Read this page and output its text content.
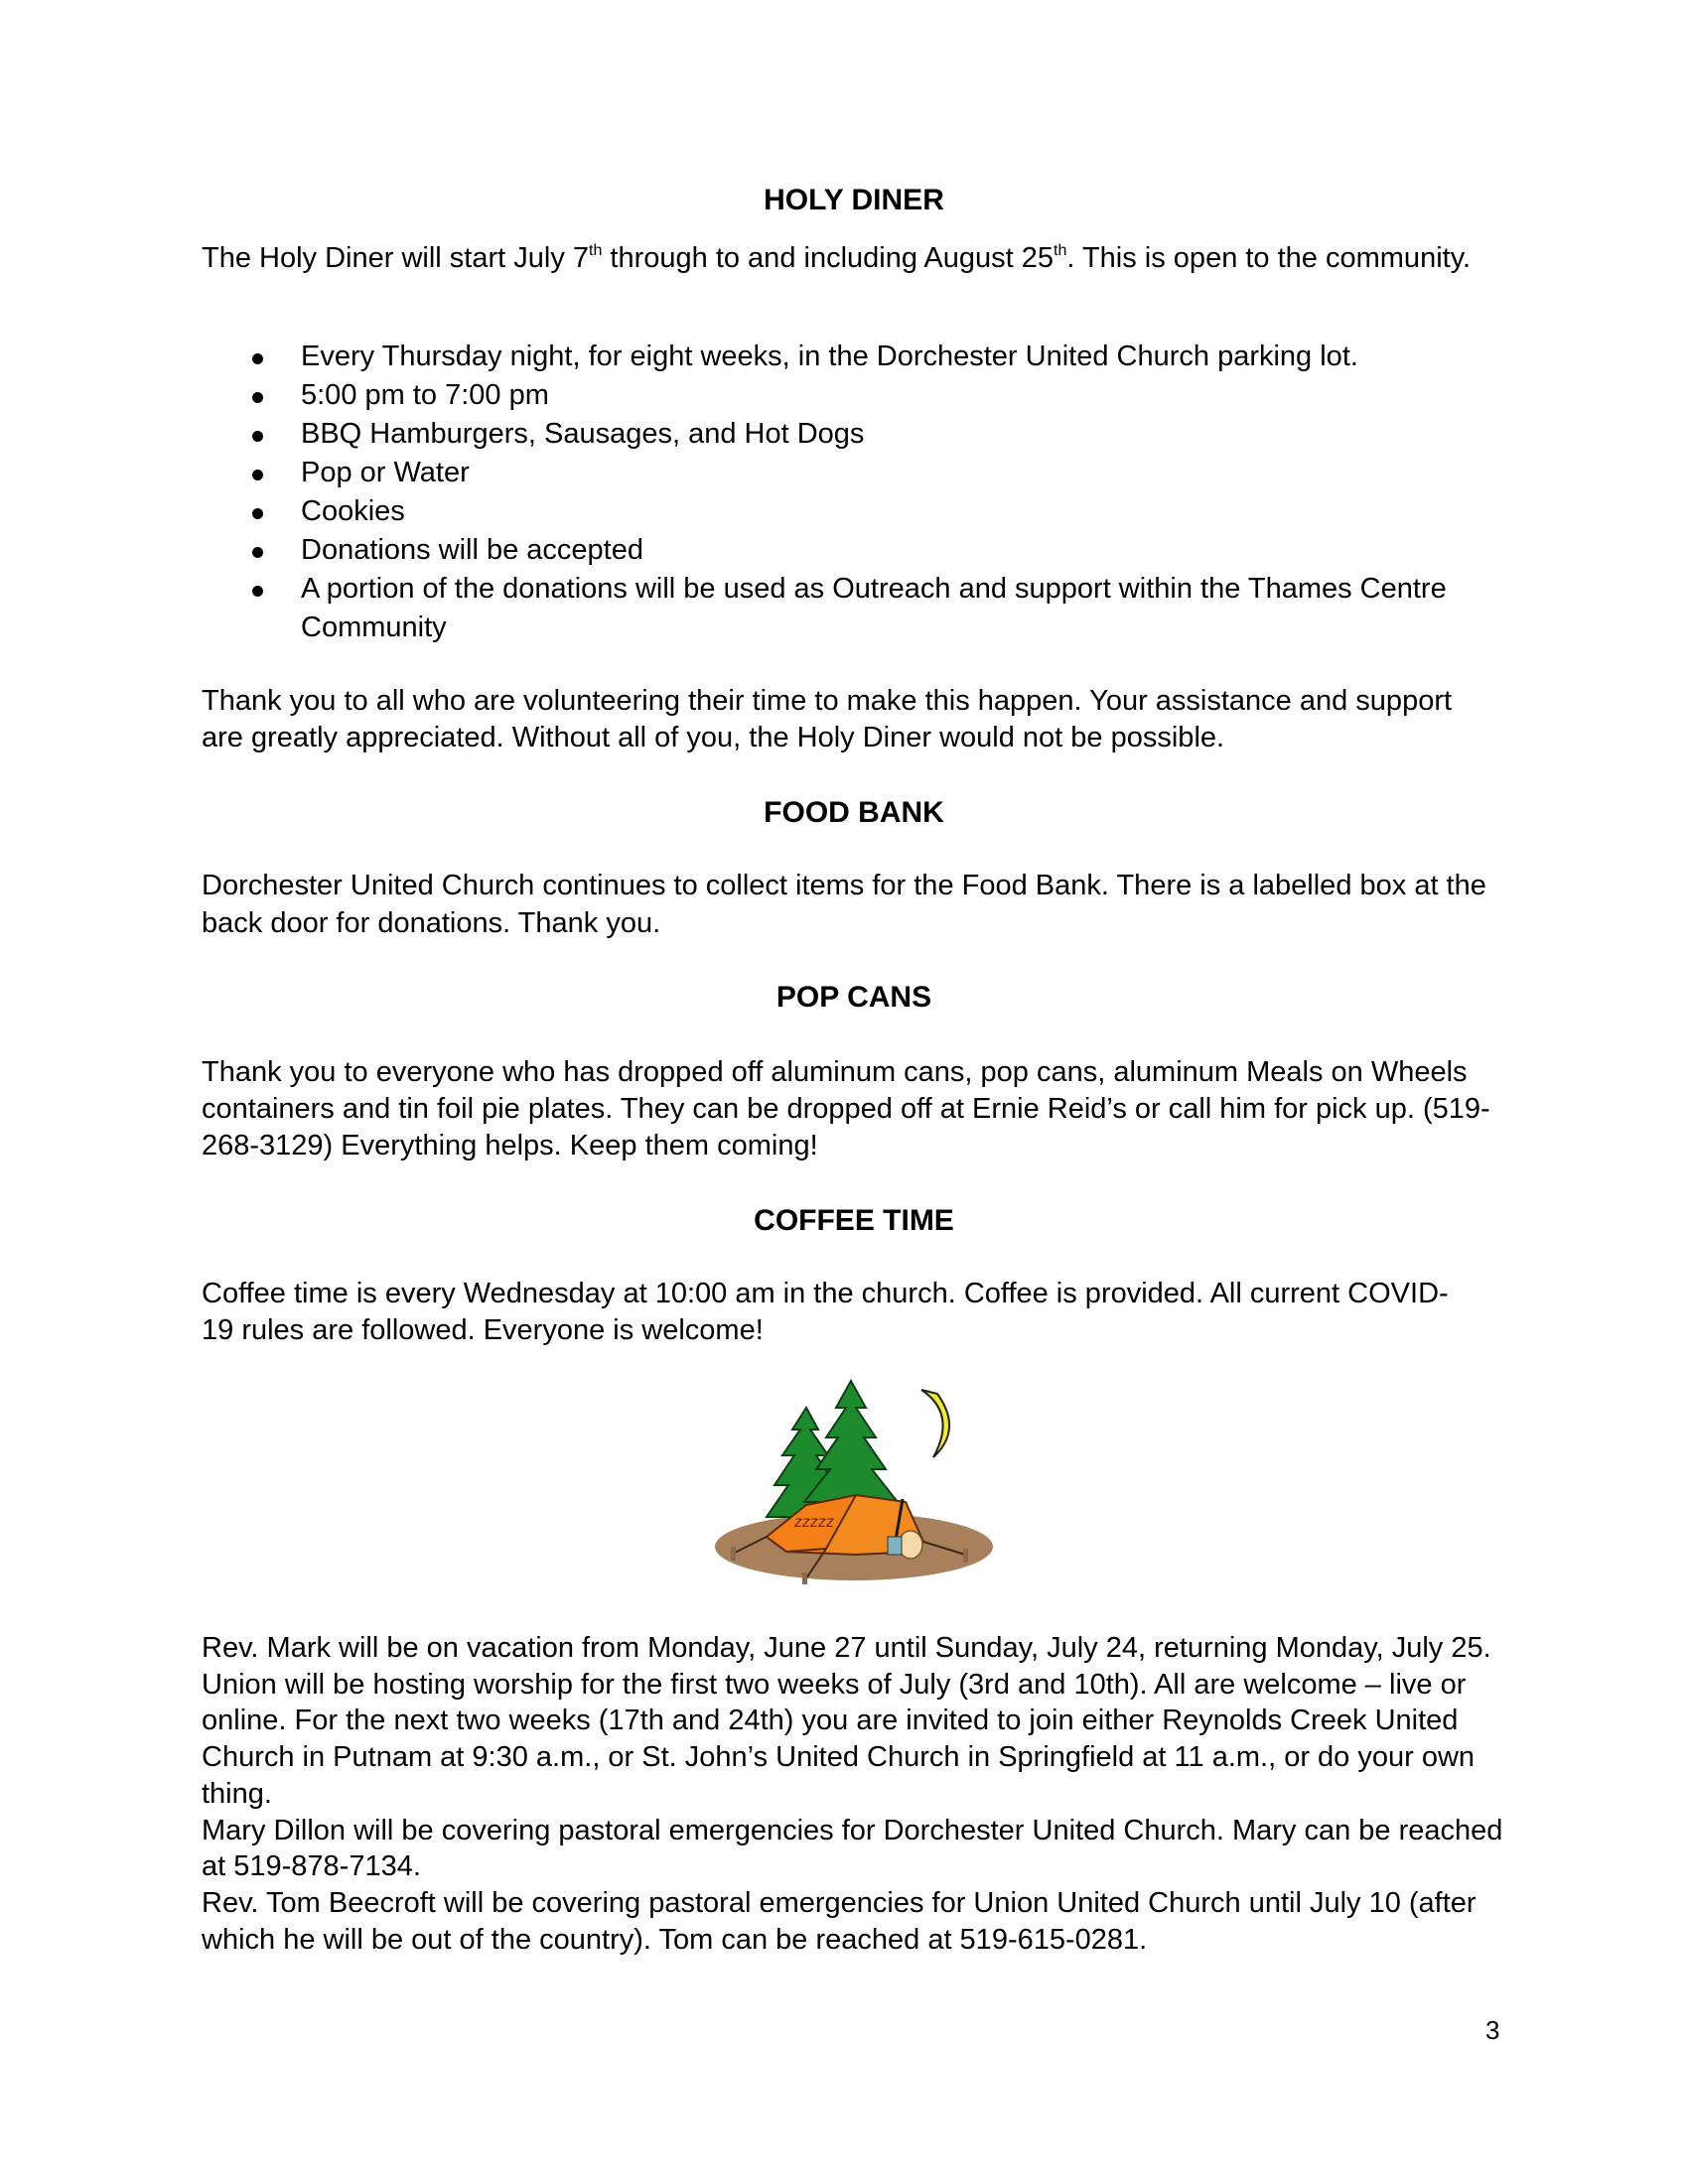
HOLY DINER

The Holy Diner will start July 7th through to and including August 25th. This is open to the community.

Every Thursday night, for eight weeks, in the Dorchester United Church parking lot.
5:00 pm to 7:00 pm
BBQ Hamburgers, Sausages, and Hot Dogs
Pop or Water
Cookies
Donations will be accepted
A portion of the donations will be used as Outreach and support within the Thames Centre Community

Thank you to all who are volunteering their time to make this happen. Your assistance and support are greatly appreciated. Without all of you, the Holy Diner would not be possible.

FOOD BANK

Dorchester United Church continues to collect items for the Food Bank. There is a labelled box at the back door for donations. Thank you.

POP CANS

Thank you to everyone who has dropped off aluminum cans, pop cans, aluminum Meals on Wheels containers and tin foil pie plates. They can be dropped off at Ernie Reid’s or call him for pick up. (519-268-3129) Everything helps. Keep them coming!

COFFEE TIME

Coffee time is every Wednesday at 10:00 am in the church. Coffee is provided. All current COVID-19 rules are followed. Everyone is welcome!

zzzzz

Rev. Mark will be on vacation from Monday, June 27 until Sunday, July 24, returning Monday, July 25.

Union will be hosting worship for the first two weeks of July (3rd and 10th). All are welcome – live or online. For the next two weeks (17th and 24th) you are invited to join either Reynolds Creek United Church in Putnam at 9:30 a.m., or St. John’s United Church in Springfield at 11 a.m., or do your own thing.

Mary Dillon will be covering pastoral emergencies for Dorchester United Church. Mary can be reached at 519-878-7134.

Rev. Tom Beecroft will be covering pastoral emergencies for Union United Church until July 10 (after which he will be out of the country). Tom can be reached at 519-615-0281.

3
